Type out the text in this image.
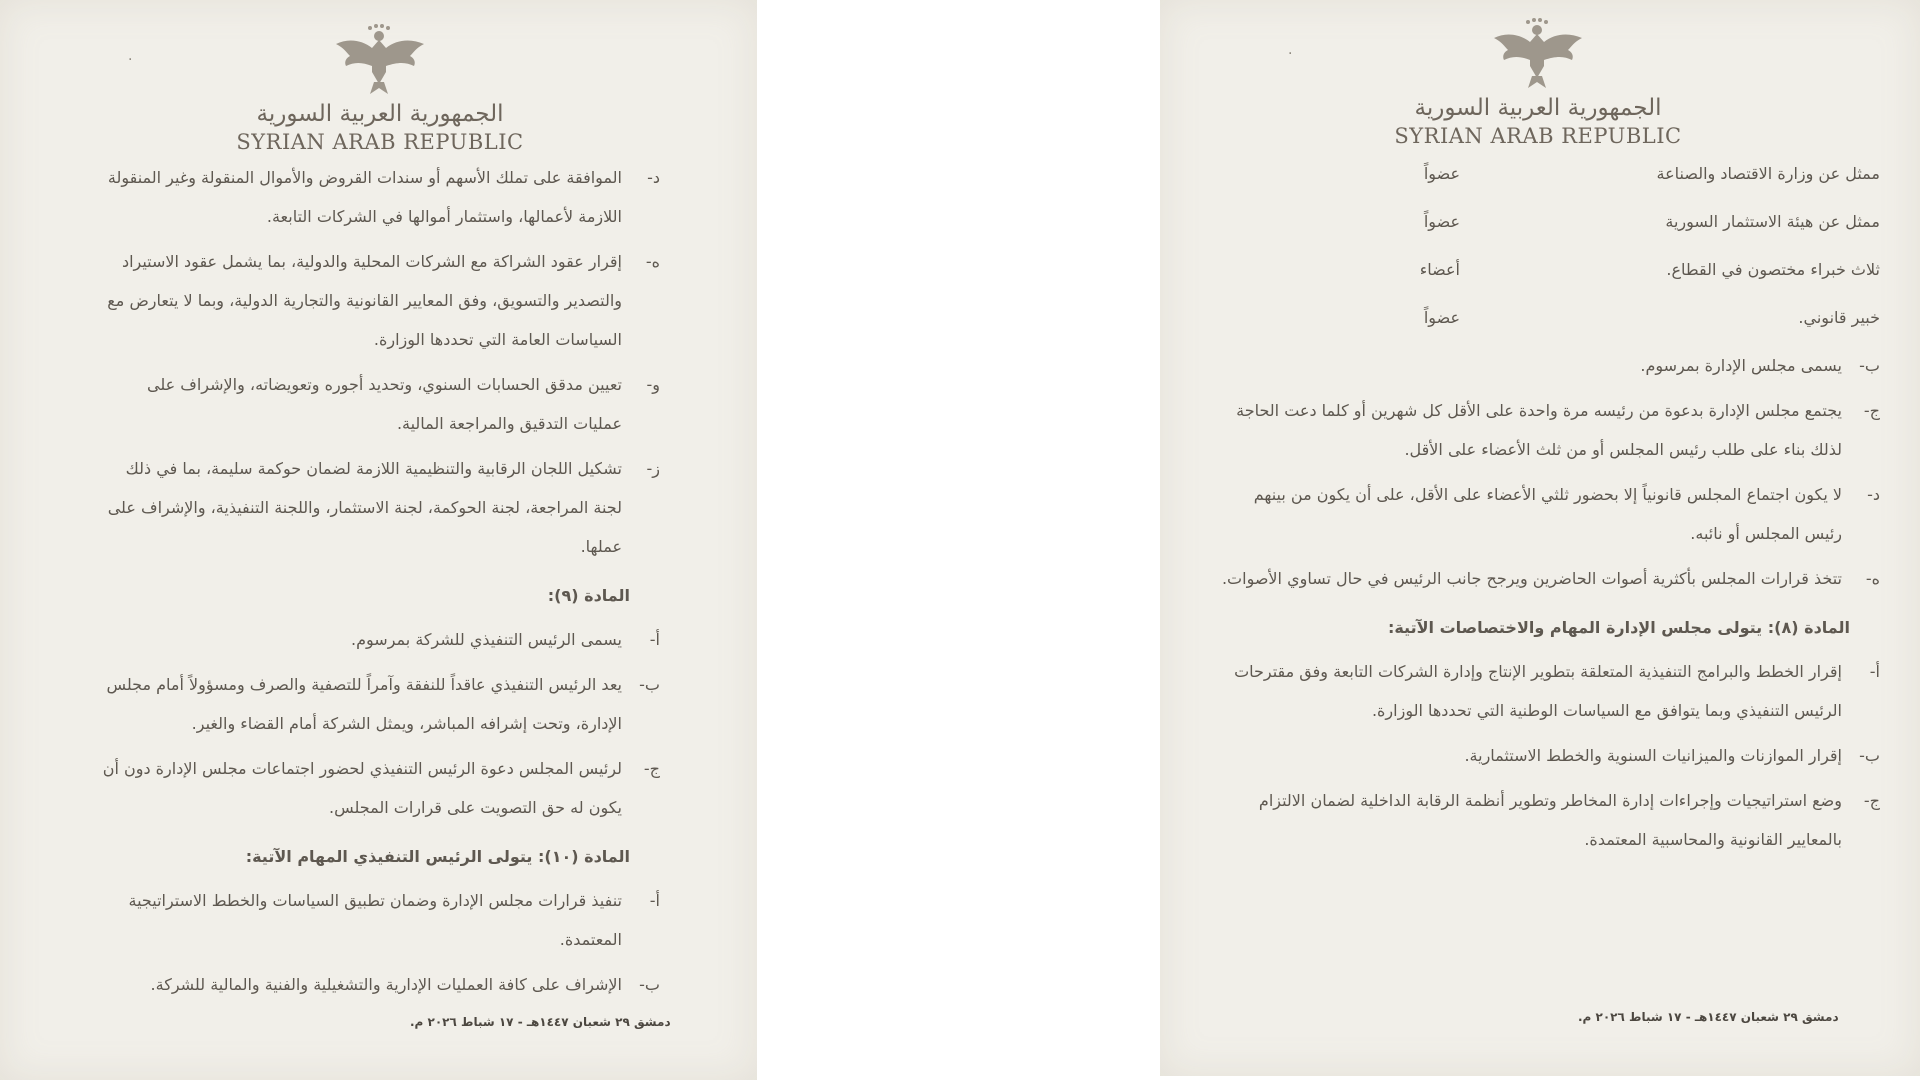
·
الجمهورية العربية السورية
SYRIAN ARAB REPUBLIC
د-
الموافقة على تملك الأسهم أو سندات القروض والأموال المنقولة وغير المنقولة اللازمة لأعمالها، واستثمار أموالها في الشركات التابعة.
ه-
إقرار عقود الشراكة مع الشركات المحلية والدولية، بما يشمل عقود الاستيراد والتصدير والتسويق، وفق المعايير القانونية والتجارية الدولية، وبما لا يتعارض مع السياسات العامة التي تحددها الوزارة.
و-
تعيين مدقق الحسابات السنوي، وتحديد أجوره وتعويضاته، والإشراف على عمليات التدقيق والمراجعة المالية.
ز-
تشكيل اللجان الرقابية والتنظيمية اللازمة لضمان حوكمة سليمة، بما في ذلك لجنة المراجعة، لجنة الحوكمة، لجنة الاستثمار، واللجنة التنفيذية، والإشراف على عملها.
المادة (٩):
أ-
يسمى الرئيس التنفيذي للشركة بمرسوم.
ب-
يعد الرئيس التنفيذي عاقداً للنفقة وآمراً للتصفية والصرف ومسؤولاً أمام مجلس الإدارة، وتحت إشرافه المباشر، ويمثل الشركة أمام القضاء والغير.
ج-
لرئيس المجلس دعوة الرئيس التنفيذي لحضور اجتماعات مجلس الإدارة دون أن يكون له حق التصويت على قرارات المجلس.
المادة (١٠): يتولى الرئيس التنفيذي المهام الآتية:
أ-
تنفيذ قرارات مجلس الإدارة وضمان تطبيق السياسات والخطط الاستراتيجية المعتمدة.
ب-
الإشراف على كافة العمليات الإدارية والتشغيلية والفنية والمالية للشركة.
دمشق ٢٩ شعبان ١٤٤٧هـ - ١٧ شباط ٢٠٢٦ م.
·
الجمهورية العربية السورية
SYRIAN ARAB REPUBLIC
ممثل عن وزارة الاقتصاد والصناعة
عضواً
ممثل عن هيئة الاستثمار السورية
عضواً
ثلاث خبراء مختصون في القطاع.
أعضاء
خبير قانوني.
عضواً
ب-
يسمى مجلس الإدارة بمرسوم.
ج-
يجتمع مجلس الإدارة بدعوة من رئيسه مرة واحدة على الأقل كل شهرين أو كلما دعت الحاجة لذلك بناء على طلب رئيس المجلس أو من ثلث الأعضاء على الأقل.
د-
لا يكون اجتماع المجلس قانونياً إلا بحضور ثلثي الأعضاء على الأقل، على أن يكون من بينهم رئيس المجلس أو نائبه.
ه-
تتخذ قرارات المجلس بأكثرية أصوات الحاضرين ويرجح جانب الرئيس في حال تساوي الأصوات.
المادة (٨): يتولى مجلس الإدارة المهام والاختصاصات الآتية:
أ-
إقرار الخطط والبرامج التنفيذية المتعلقة بتطوير الإنتاج وإدارة الشركات التابعة وفق مقترحات الرئيس التنفيذي وبما يتوافق مع السياسات الوطنية التي تحددها الوزارة.
ب-
إقرار الموازنات والميزانيات السنوية والخطط الاستثمارية.
ج-
وضع استراتيجيات وإجراءات إدارة المخاطر وتطوير أنظمة الرقابة الداخلية لضمان الالتزام بالمعايير القانونية والمحاسبية المعتمدة.
دمشق ٢٩ شعبان ١٤٤٧هـ - ١٧ شباط ٢٠٢٦ م.
